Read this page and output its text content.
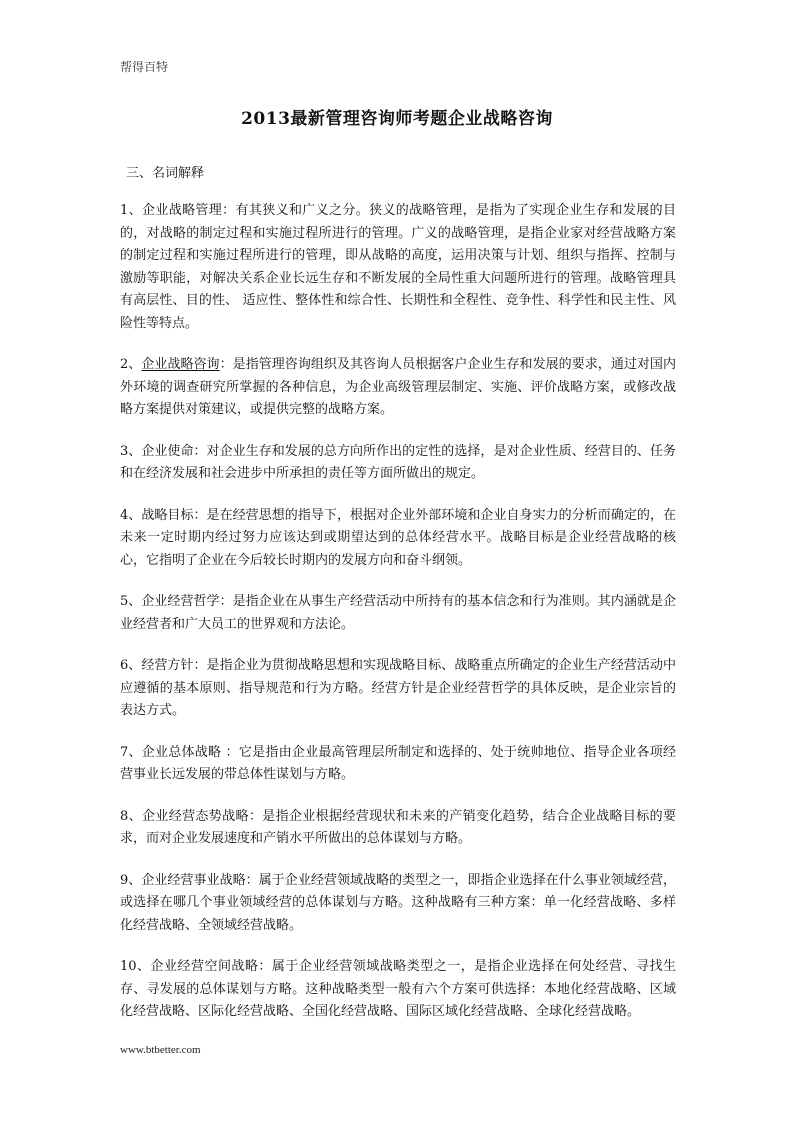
帮得百特
2013最新管理咨询师考题企业战略咨询
三、名词解释

1、企业战略管理：有其狭义和广义之分。狭义的战略管理，是指为了实现企业生存和发展的目的，对战略的制定过程和实施过程所进行的管理。广义的战略管理，是指企业家对经营战略方案的制定过程和实施过程所进行的管理，即从战略的高度，运用决策与计划、组织与指挥、控制与激励等职能，对解决关系企业长远生存和不断发展的全局性重大问题所进行的管理。战略管理具有高层性、目的性、 适应性、整体性和综合性、长期性和全程性、竞争性、科学性和民主性、风险性等特点。

2、企业战略咨询：是指管理咨询组织及其咨询人员根据客户企业生存和发展的要求，通过对国内外环境的调查研究所掌握的各种信息，为企业高级管理层制定、实施、评价战略方案，或修改战略方案提供对策建议，或提供完整的战略方案。

3、企业使命：对企业生存和发展的总方向所作出的定性的选择，是对企业性质、经营目的、任务和在经济发展和社会进步中所承担的责任等方面所做出的规定。

4、战略目标：是在经营思想的指导下，根据对企业外部环境和企业自身实力的分析而确定的，在未来一定时期内经过努力应该达到或期望达到的总体经营水平。战略目标是企业经营战略的核心，它指明了企业在今后较长时期内的发展方向和奋斗纲领。

5、企业经营哲学：是指企业在从事生产经营活动中所持有的基本信念和行为准则。其内涵就是企业经营者和广大员工的世界观和方法论。

6、经营方针：是指企业为贯彻战略思想和实现战略目标、战略重点所确定的企业生产经营活动中应遵循的基本原则、指导规范和行为方略。经营方针是企业经营哲学的具体反映，是企业宗旨的表达方式。

7、企业总体战略 ：它是指由企业最高管理层所制定和选择的、处于统帅地位、指导企业各项经营事业长远发展的带总体性谋划与方略。

8、企业经营态势战略：是指企业根据经营现状和未来的产销变化趋势，结合企业战略目标的要求，而对企业发展速度和产销水平所做出的总体谋划与方略。

9、企业经营事业战略：属于企业经营领域战略的类型之一，即指企业选择在什么事业领域经营，或选择在哪几个事业领域经营的总体谋划与方略。这种战略有三种方案：单一化经营战略、多样化经营战略、全领域经营战略。

10、企业经营空间战略：属于企业经营领域战略类型之一，是指企业选择在何处经营、寻找生存、寻发展的总体谋划与方略。这种战略类型一般有六个方案可供选择：本地化经营战略、区域化经营战略、区际化经营战略、全国化经营战略、国际区域化经营战略、全球化经营战略。

www.btbetter.com
